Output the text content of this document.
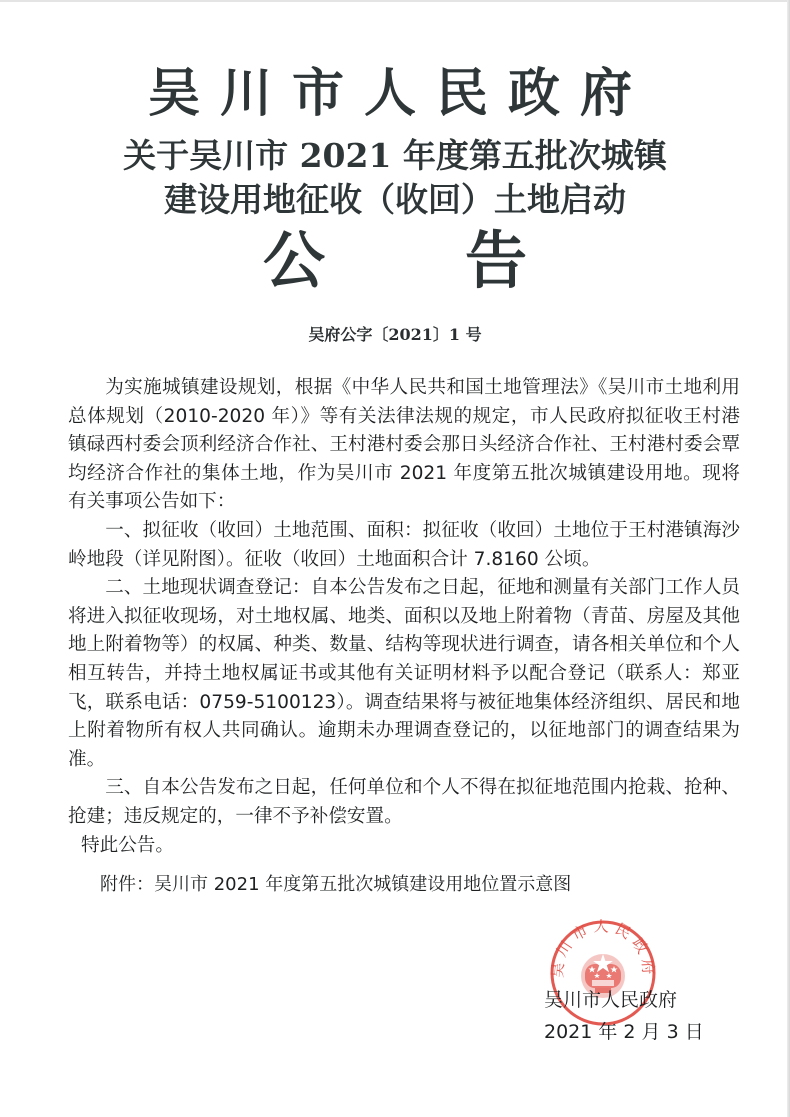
吴川市人民政府
关于吴川市 2021 年度第五批次城镇
建设用地征收（收回）土地启动
公 告
吴府公字〔2021〕1 号

为实施城镇建设规划，根据《中华人民共和国土地管理法》《吴川市土地利用总体规划（2010-2020 年）》等有关法律法规的规定，市人民政府拟征收王村港镇碌西村委会顶利经济合作社、王村港村委会那日头经济合作社、王村港村委会覃均经济合作社的集体土地，作为吴川市 2021 年度第五批次城镇建设用地。现将有关事项公告如下：

一、拟征收（收回）土地范围、面积：拟征收（收回）土地位于王村港镇海沙岭地段（详见附图）。征收（收回）土地面积合计 7.8160 公顷。

二、土地现状调查登记：自本公告发布之日起，征地和测量有关部门工作人员将进入拟征收现场，对土地权属、地类、面积以及地上附着物（青苗、房屋及其他地上附着物等）的权属、种类、数量、结构等现状进行调查，请各相关单位和个人相互转告，并持土地权属证书或其他有关证明材料予以配合登记（联系人：郑亚飞，联系电话：0759-5100123）。调查结果将与被征地集体经济组织、居民和地上附着物所有权人共同确认。逾期未办理调查登记的，以征地部门的调查结果为准。

三、自本公告发布之日起，任何单位和个人不得在拟征地范围内抢栽、抢种、抢建；违反规定的，一律不予补偿安置。

特此公告。

附件：吴川市 2021 年度第五批次城镇建设用地位置示意图
吴川市人民政府
吴川市人民政府
2021 年 2 月 3 日
